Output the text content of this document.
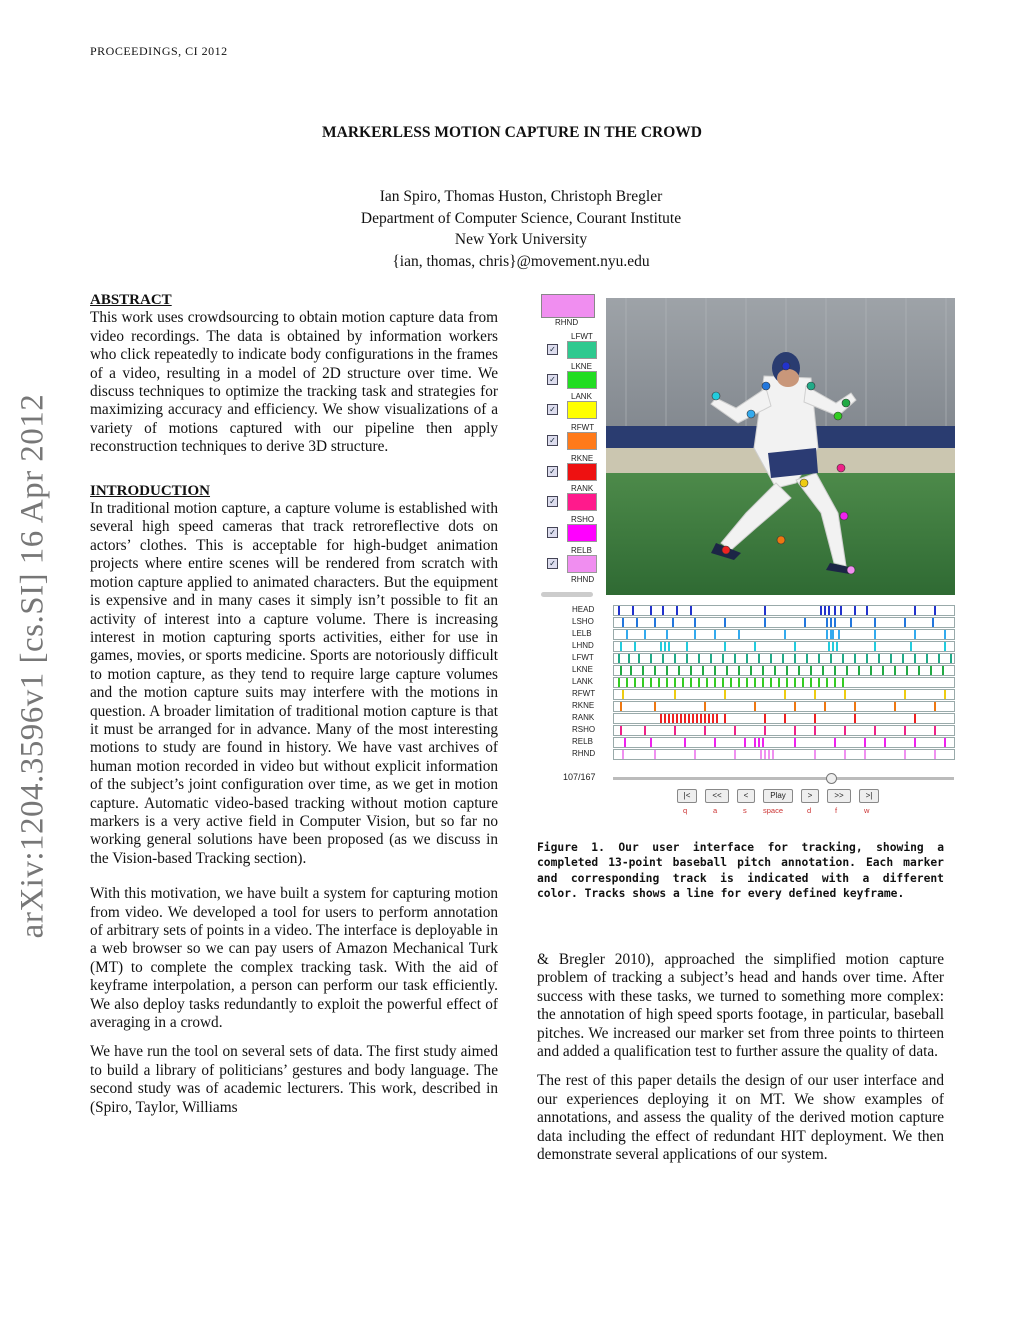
PROCEEDINGS, CI 2012
arXiv:1204.3596v1 [cs.SI] 16 Apr 2012
MARKERLESS MOTION CAPTURE IN THE CROWD
Ian Spiro, Thomas Huston, Christoph Bregler
Department of Computer Science, Courant Institute
New York University
{ian, thomas, chris}@movement.nyu.edu
ABSTRACT

This work uses crowdsourcing to obtain motion capture data from video recordings. The data is obtained by information workers who click repeatedly to indicate body configurations in the frames of a video, resulting in a model of 2D structure over time. We discuss techniques to optimize the tracking task and strategies for maximizing accuracy and efficiency. We show visualizations of a variety of motions captured with our pipeline then apply reconstruction techniques to derive 3D structure.

INTRODUCTION

In traditional motion capture, a capture volume is established with several high speed cameras that track retroreflective dots on actors’ clothes. This is acceptable for high-budget animation projects where entire scenes will be rendered from scratch with motion capture applied to animated characters. But the equipment is expensive and in many cases it simply isn’t possible to fit an activity of interest into a capture volume. There is increasing interest in motion capturing sports activities, either for use in games, movies, or sports medicine. Sports are notoriously difficult to motion capture, as they tend to require large capture volumes and the motion capture suits may interfere with the motions in question. A broader limitation of traditional motion capture is that it must be arranged for in advance. Many of the most interesting motions to study are found in history. We have vast archives of human motion recorded in video but without explicit information of the subject’s joint configuration over time, as we get in motion capture. Automatic video-based tracking without motion capture markers is a very active field in Computer Vision, but so far no working general solutions have been proposed (as we discuss in the Vision-based Tracking section).

With this motivation, we have built a system for capturing motion from video. We developed a tool for users to perform annotation of arbitrary sets of points in a video. The interface is deployable in a web browser so we can pay users of Amazon Mechanical Turk (MT) to complete the complex tracking task. With the aid of keyframe interpolation, a person can perform our task efficiently. We also deploy tasks redundantly to exploit the powerful effect of averaging in a crowd.

We have run the tool on several sets of data. The first study aimed to build a library of politicians’ gestures and body language. The second study was of academic lecturers. This work, described in (Spiro, Taylor, Williams

& Bregler 2010), approached the simplified motion capture problem of tracking a subject’s head and hands over time. After success with these tasks, we turned to something more complex: the annotation of high speed sports footage, in particular, baseball pitches. We increased our marker set from three points to thirteen and added a qualification test to further assure the quality of data.

The rest of this paper details the design of our user interface and our experiences deploying it on MT. We show examples of annotations, and assess the quality of the derived motion capture data including the effect of redundant HIT deployment. We then demonstrate several applications of our system.

RHND
LFWT
✓
LKNE
✓
LANK
✓
RFWT
✓
RKNE
✓
RANK
✓
RSHO
✓
RELB
✓
RHND
HEAD
LSHO
LELB
LHND
LFWT
LKNE
LANK
RFWT
RKNE
RANK
RSHO
RELB
RHND
107/167
|<	<<	<	Play	>	>>	>|
q	a	s space	d	f	w
Figure 1. Our user interface for tracking, showing a completed 13-point baseball pitch annotation. Each marker and corresponding track is indicated with a different color. Tracks shows a line for every defined keyframe.
